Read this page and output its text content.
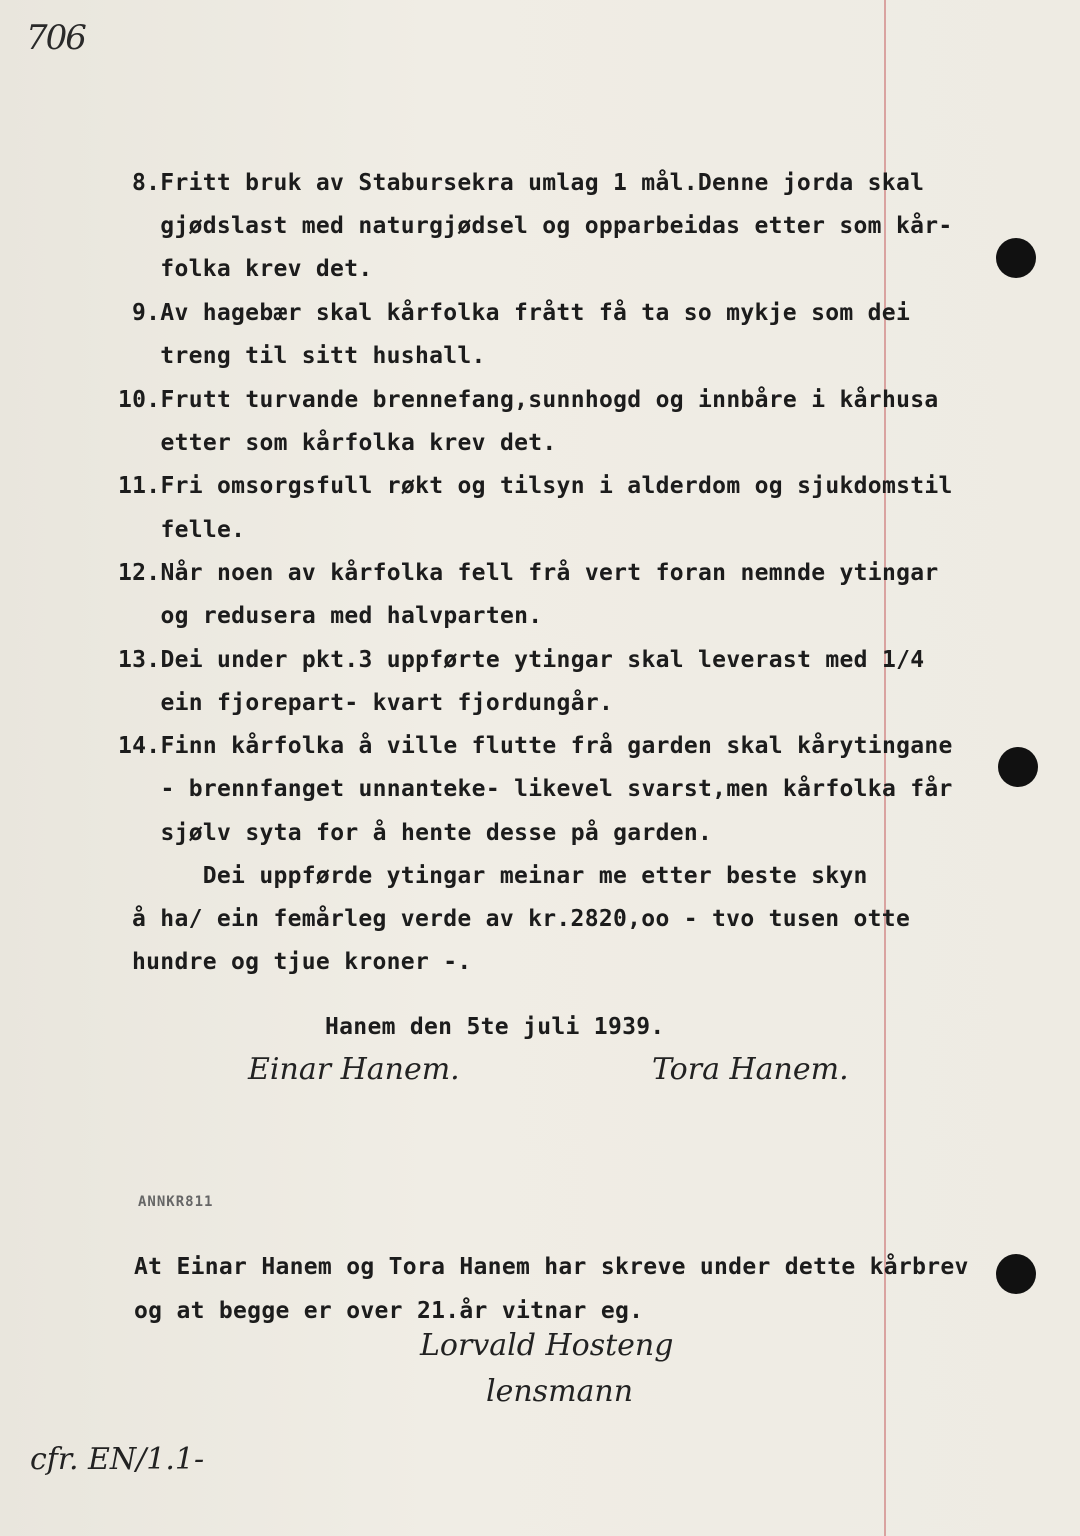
706
8.Fritt bruk av Stabursekra umlag 1 mål.Denne jorda skal
gjødslast med naturgjødsel og opparbeidas etter som kår-
folka krev det.
9.Av hagebær skal kårfolka frått få ta so mykje som dei
treng til sitt hushall.
10.Frutt turvande brennefang,sunnhogd og innbåre i kårhusa
etter som kårfolka krev det.
11.Fri omsorgsfull røkt og tilsyn i alderdom og sjukdomstil
felle.
12.Når noen av kårfolka fell frå vert foran nemnde ytingar
og redusera med halvparten.
13.Dei under pkt.3 uppførte ytingar skal leverast med 1/4
ein fjorepart- kvart fjordungår.
14.Finn kårfolka å ville flutte frå garden skal kårytingane
- brennfanget unnanteke- likevel svarst,men kårfolka får
sjølv syta for å hente desse på garden.
Dei uppførde ytingar meinar me etter beste skyn
å ha/ ein femårleg verde av kr.2820,oo - tvo tusen otte
hundre og tjue kroner -.
Hanem den 5te juli 1939.
Einar Hanem.	Tora Hanem.
ANNKR811
At Einar Hanem og Tora Hanem har skreve under dette kårbrev
og at begge er over 21.år vitnar eg.
Lorvald Hosteng
lensmann
cfr. EN/1.1-
